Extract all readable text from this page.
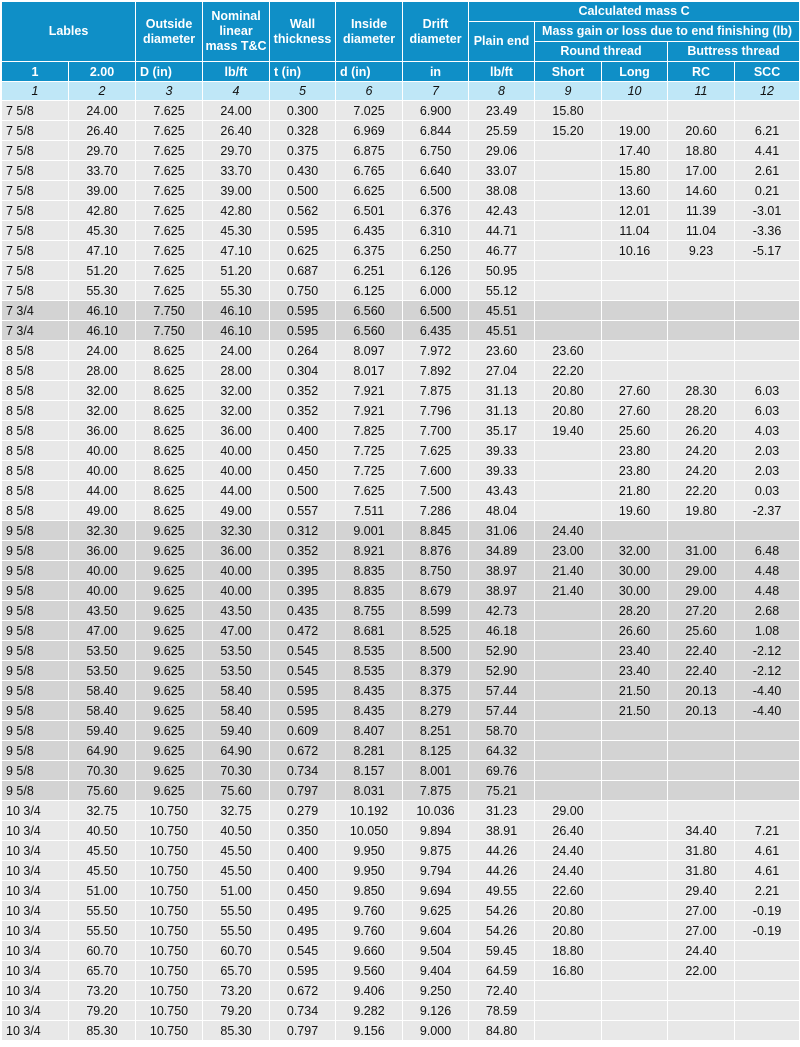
Lables		Outside diameter	Nominal linear mass T&C	Wall thickness	Inside diameter	Drift diameter	Calculated mass C				
							Plain end	Mass gain or loss due to end finishing (lb)			
								Round thread		Buttress thread	
1	2.00	D (in)	lb/ft	t (in)	d (in)	in	lb/ft	Short	Long	RC	SCC
1	2	3	4	5	6	7	8	9	10	11	12
7 5/8	24.00	7.625	24.00	0.300	7.025	6.900	23.49	15.80			
7 5/8	26.40	7.625	26.40	0.328	6.969	6.844	25.59	15.20	19.00	20.60	6.21
7 5/8	29.70	7.625	29.70	0.375	6.875	6.750	29.06		17.40	18.80	4.41
7 5/8	33.70	7.625	33.70	0.430	6.765	6.640	33.07		15.80	17.00	2.61
7 5/8	39.00	7.625	39.00	0.500	6.625	6.500	38.08		13.60	14.60	0.21
7 5/8	42.80	7.625	42.80	0.562	6.501	6.376	42.43		12.01	11.39	-3.01
7 5/8	45.30	7.625	45.30	0.595	6.435	6.310	44.71		11.04	11.04	-3.36
7 5/8	47.10	7.625	47.10	0.625	6.375	6.250	46.77		10.16	9.23	-5.17
7 5/8	51.20	7.625	51.20	0.687	6.251	6.126	50.95				
7 5/8	55.30	7.625	55.30	0.750	6.125	6.000	55.12				
7 3/4	46.10	7.750	46.10	0.595	6.560	6.500	45.51				
7 3/4	46.10	7.750	46.10	0.595	6.560	6.435	45.51				
8 5/8	24.00	8.625	24.00	0.264	8.097	7.972	23.60	23.60			
8 5/8	28.00	8.625	28.00	0.304	8.017	7.892	27.04	22.20			
8 5/8	32.00	8.625	32.00	0.352	7.921	7.875	31.13	20.80	27.60	28.30	6.03
8 5/8	32.00	8.625	32.00	0.352	7.921	7.796	31.13	20.80	27.60	28.20	6.03
8 5/8	36.00	8.625	36.00	0.400	7.825	7.700	35.17	19.40	25.60	26.20	4.03
8 5/8	40.00	8.625	40.00	0.450	7.725	7.625	39.33		23.80	24.20	2.03
8 5/8	40.00	8.625	40.00	0.450	7.725	7.600	39.33		23.80	24.20	2.03
8 5/8	44.00	8.625	44.00	0.500	7.625	7.500	43.43		21.80	22.20	0.03
8 5/8	49.00	8.625	49.00	0.557	7.511	7.286	48.04		19.60	19.80	-2.37
9 5/8	32.30	9.625	32.30	0.312	9.001	8.845	31.06	24.40			
9 5/8	36.00	9.625	36.00	0.352	8.921	8.876	34.89	23.00	32.00	31.00	6.48
9 5/8	40.00	9.625	40.00	0.395	8.835	8.750	38.97	21.40	30.00	29.00	4.48
9 5/8	40.00	9.625	40.00	0.395	8.835	8.679	38.97	21.40	30.00	29.00	4.48
9 5/8	43.50	9.625	43.50	0.435	8.755	8.599	42.73		28.20	27.20	2.68
9 5/8	47.00	9.625	47.00	0.472	8.681	8.525	46.18		26.60	25.60	1.08
9 5/8	53.50	9.625	53.50	0.545	8.535	8.500	52.90		23.40	22.40	-2.12
9 5/8	53.50	9.625	53.50	0.545	8.535	8.379	52.90		23.40	22.40	-2.12
9 5/8	58.40	9.625	58.40	0.595	8.435	8.375	57.44		21.50	20.13	-4.40
9 5/8	58.40	9.625	58.40	0.595	8.435	8.279	57.44		21.50	20.13	-4.40
9 5/8	59.40	9.625	59.40	0.609	8.407	8.251	58.70				
9 5/8	64.90	9.625	64.90	0.672	8.281	8.125	64.32				
9 5/8	70.30	9.625	70.30	0.734	8.157	8.001	69.76				
9 5/8	75.60	9.625	75.60	0.797	8.031	7.875	75.21				
10 3/4	32.75	10.750	32.75	0.279	10.192	10.036	31.23	29.00			
10 3/4	40.50	10.750	40.50	0.350	10.050	9.894	38.91	26.40		34.40	7.21
10 3/4	45.50	10.750	45.50	0.400	9.950	9.875	44.26	24.40		31.80	4.61
10 3/4	45.50	10.750	45.50	0.400	9.950	9.794	44.26	24.40		31.80	4.61
10 3/4	51.00	10.750	51.00	0.450	9.850	9.694	49.55	22.60		29.40	2.21
10 3/4	55.50	10.750	55.50	0.495	9.760	9.625	54.26	20.80		27.00	-0.19
10 3/4	55.50	10.750	55.50	0.495	9.760	9.604	54.26	20.80		27.00	-0.19
10 3/4	60.70	10.750	60.70	0.545	9.660	9.504	59.45	18.80		24.40	
10 3/4	65.70	10.750	65.70	0.595	9.560	9.404	64.59	16.80		22.00	
10 3/4	73.20	10.750	73.20	0.672	9.406	9.250	72.40				
10 3/4	79.20	10.750	79.20	0.734	9.282	9.126	78.59				
10 3/4	85.30	10.750	85.30	0.797	9.156	9.000	84.80				
